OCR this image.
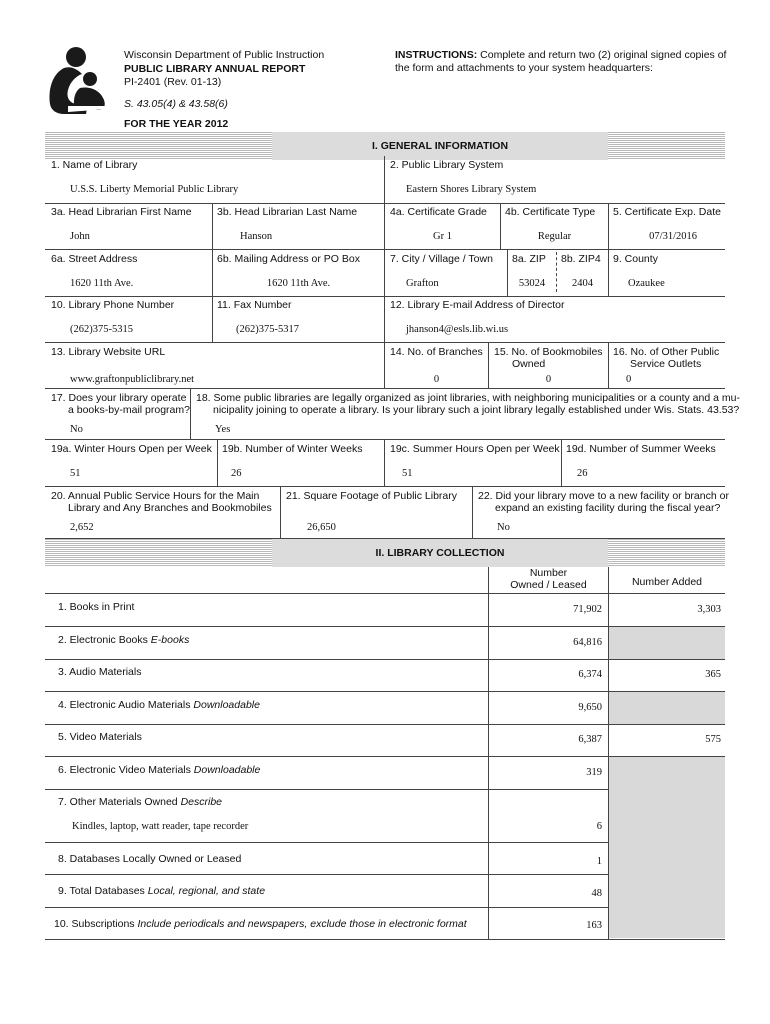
Wisconsin Department of Public Instruction
PUBLIC LIBRARY ANNUAL REPORT
PI-2401 (Rev. 01-13)
S. 43.05(4) & 43.58(6)
FOR THE YEAR 2012
INSTRUCTIONS: Complete and return two (2) original signed copies of
the form and attachments to your system headquarters:
I. GENERAL INFORMATION
1. Name of Library
U.S.S. Liberty Memorial Public Library
2. Public Library System
Eastern Shores Library System
3a. Head Librarian First Name
John
3b. Head Librarian Last Name
Hanson
4a. Certificate Grade
Gr 1
4b. Certificate Type
Regular
5. Certificate Exp. Date
07/31/2016
6a. Street Address
1620 11th Ave.
6b. Mailing Address or PO Box
1620 11th Ave.
7. City / Village / Town
Grafton
8a. ZIP
53024
8b. ZIP4
2404
9. County
Ozaukee
10. Library Phone Number
(262)375-5315
11. Fax Number
(262)375-5317
12. Library E-mail Address of Director
jhanson4@esls.lib.wi.us
13. Library Website URL
www.graftonpubliclibrary.net
14. No. of Branches
0
15. No. of Bookmobiles
Owned
0
16. No. of Other Public
Service Outlets
0
17. Does your library operate
a books-by-mail program?
No
18. Some public libraries are legally organized as joint libraries, with neighboring municipalities or a county and a mu-
nicipality joining to operate a library. Is your library such a joint library legally established under Wis. Stats. 43.53?
Yes
19a. Winter Hours Open per Week
51
19b. Number of Winter Weeks
26
19c. Summer Hours Open per Week
51
19d. Number of Summer Weeks
26
20. Annual Public Service Hours for the Main
Library and Any Branches and Bookmobiles
2,652
21. Square Footage of Public Library
26,650
22. Did your library move to a new facility or branch or
expand an existing facility during the fiscal year?
No
II. LIBRARY COLLECTION
Number
Owned / Leased	Number Added
1. Books in Print	71,902	3,303
2. Electronic Books E-books	64,816
3. Audio Materials	6,374	365
4. Electronic Audio Materials Downloadable	9,650
5. Video Materials	6,387	575
6. Electronic Video Materials Downloadable	319
7. Other Materials Owned Describe
Kindles, laptop, watt reader, tape recorder	6
8. Databases Locally Owned or Leased	1
9. Total Databases Local, regional, and state	48
10. Subscriptions Include periodicals and newspapers, exclude those in electronic format	163
